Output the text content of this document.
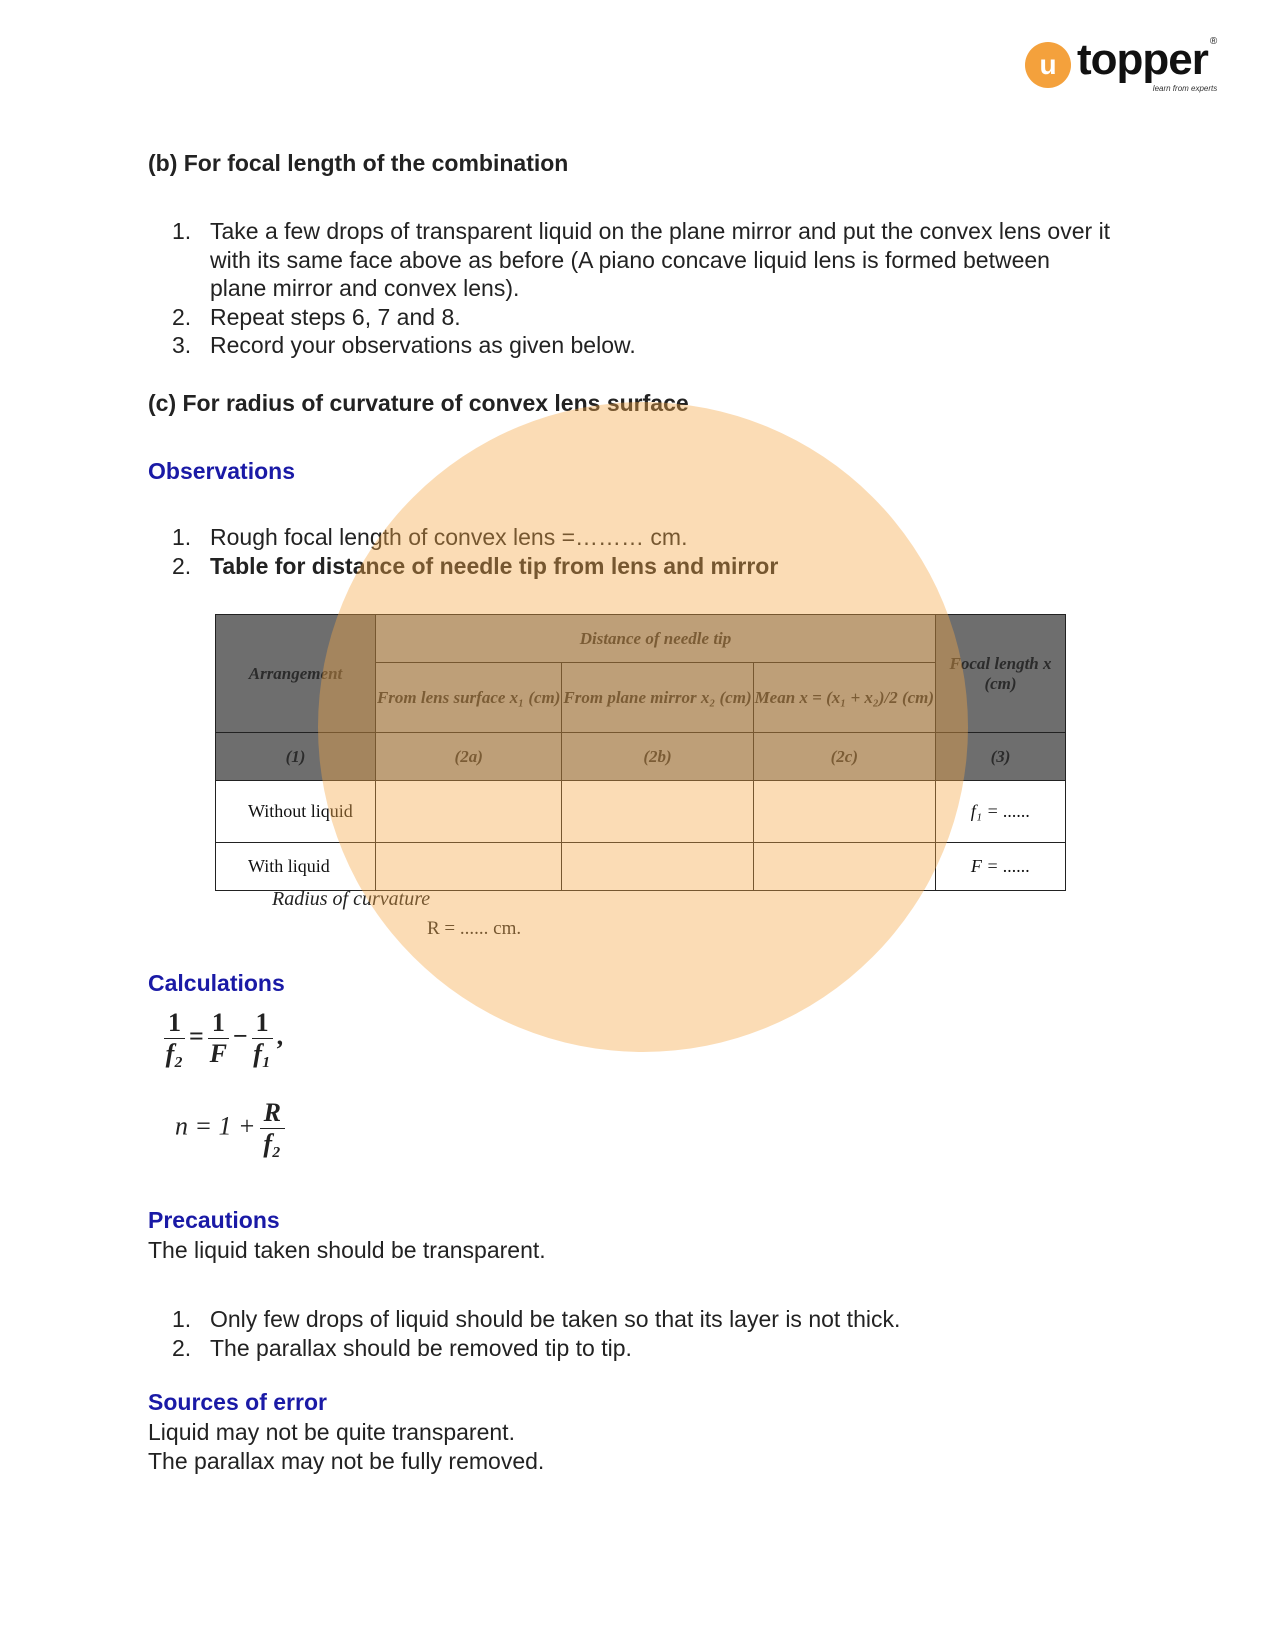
u topper ®
learn from experts
(b) For focal length of the combination
1. Take a few drops of transparent liquid on the plane mirror and put the convex lens over it with its same face above as before (A piano concave liquid lens is formed between plane mirror and convex lens).
2. Repeat steps 6, 7 and 8.
3. Record your observations as given below.
(c) For radius of curvature of convex lens surface
Observations
1. Rough focal length of convex lens =……… cm.
2. Table for distance of needle tip from lens and mirror
Arrangement	Distance of needle tip			Focal length x (cm)
	From lens surface x₁ (cm)	From plane mirror x₂ (cm)	Mean x = (x₁ + x₂)/2 (cm)	
(1)	(2a)	(2b)	(2c)	(3)
Without liquid				f₁ = ......
With liquid				F = ......
Radius of curvature
R = ...... cm.
Calculations
$\frac{1}{\text{f₂}} = \frac{1}{F} - \frac{1}{\text{f₁}}$ ,
$n = 1 + \frac{R}{\text{f₂}}$
Precautions
The liquid taken should be transparent.
1. Only few drops of liquid should be taken so that its layer is not thick.
2. The parallax should be removed tip to tip.
Sources of error
Liquid may not be quite transparent.
The parallax may not be fully removed.
